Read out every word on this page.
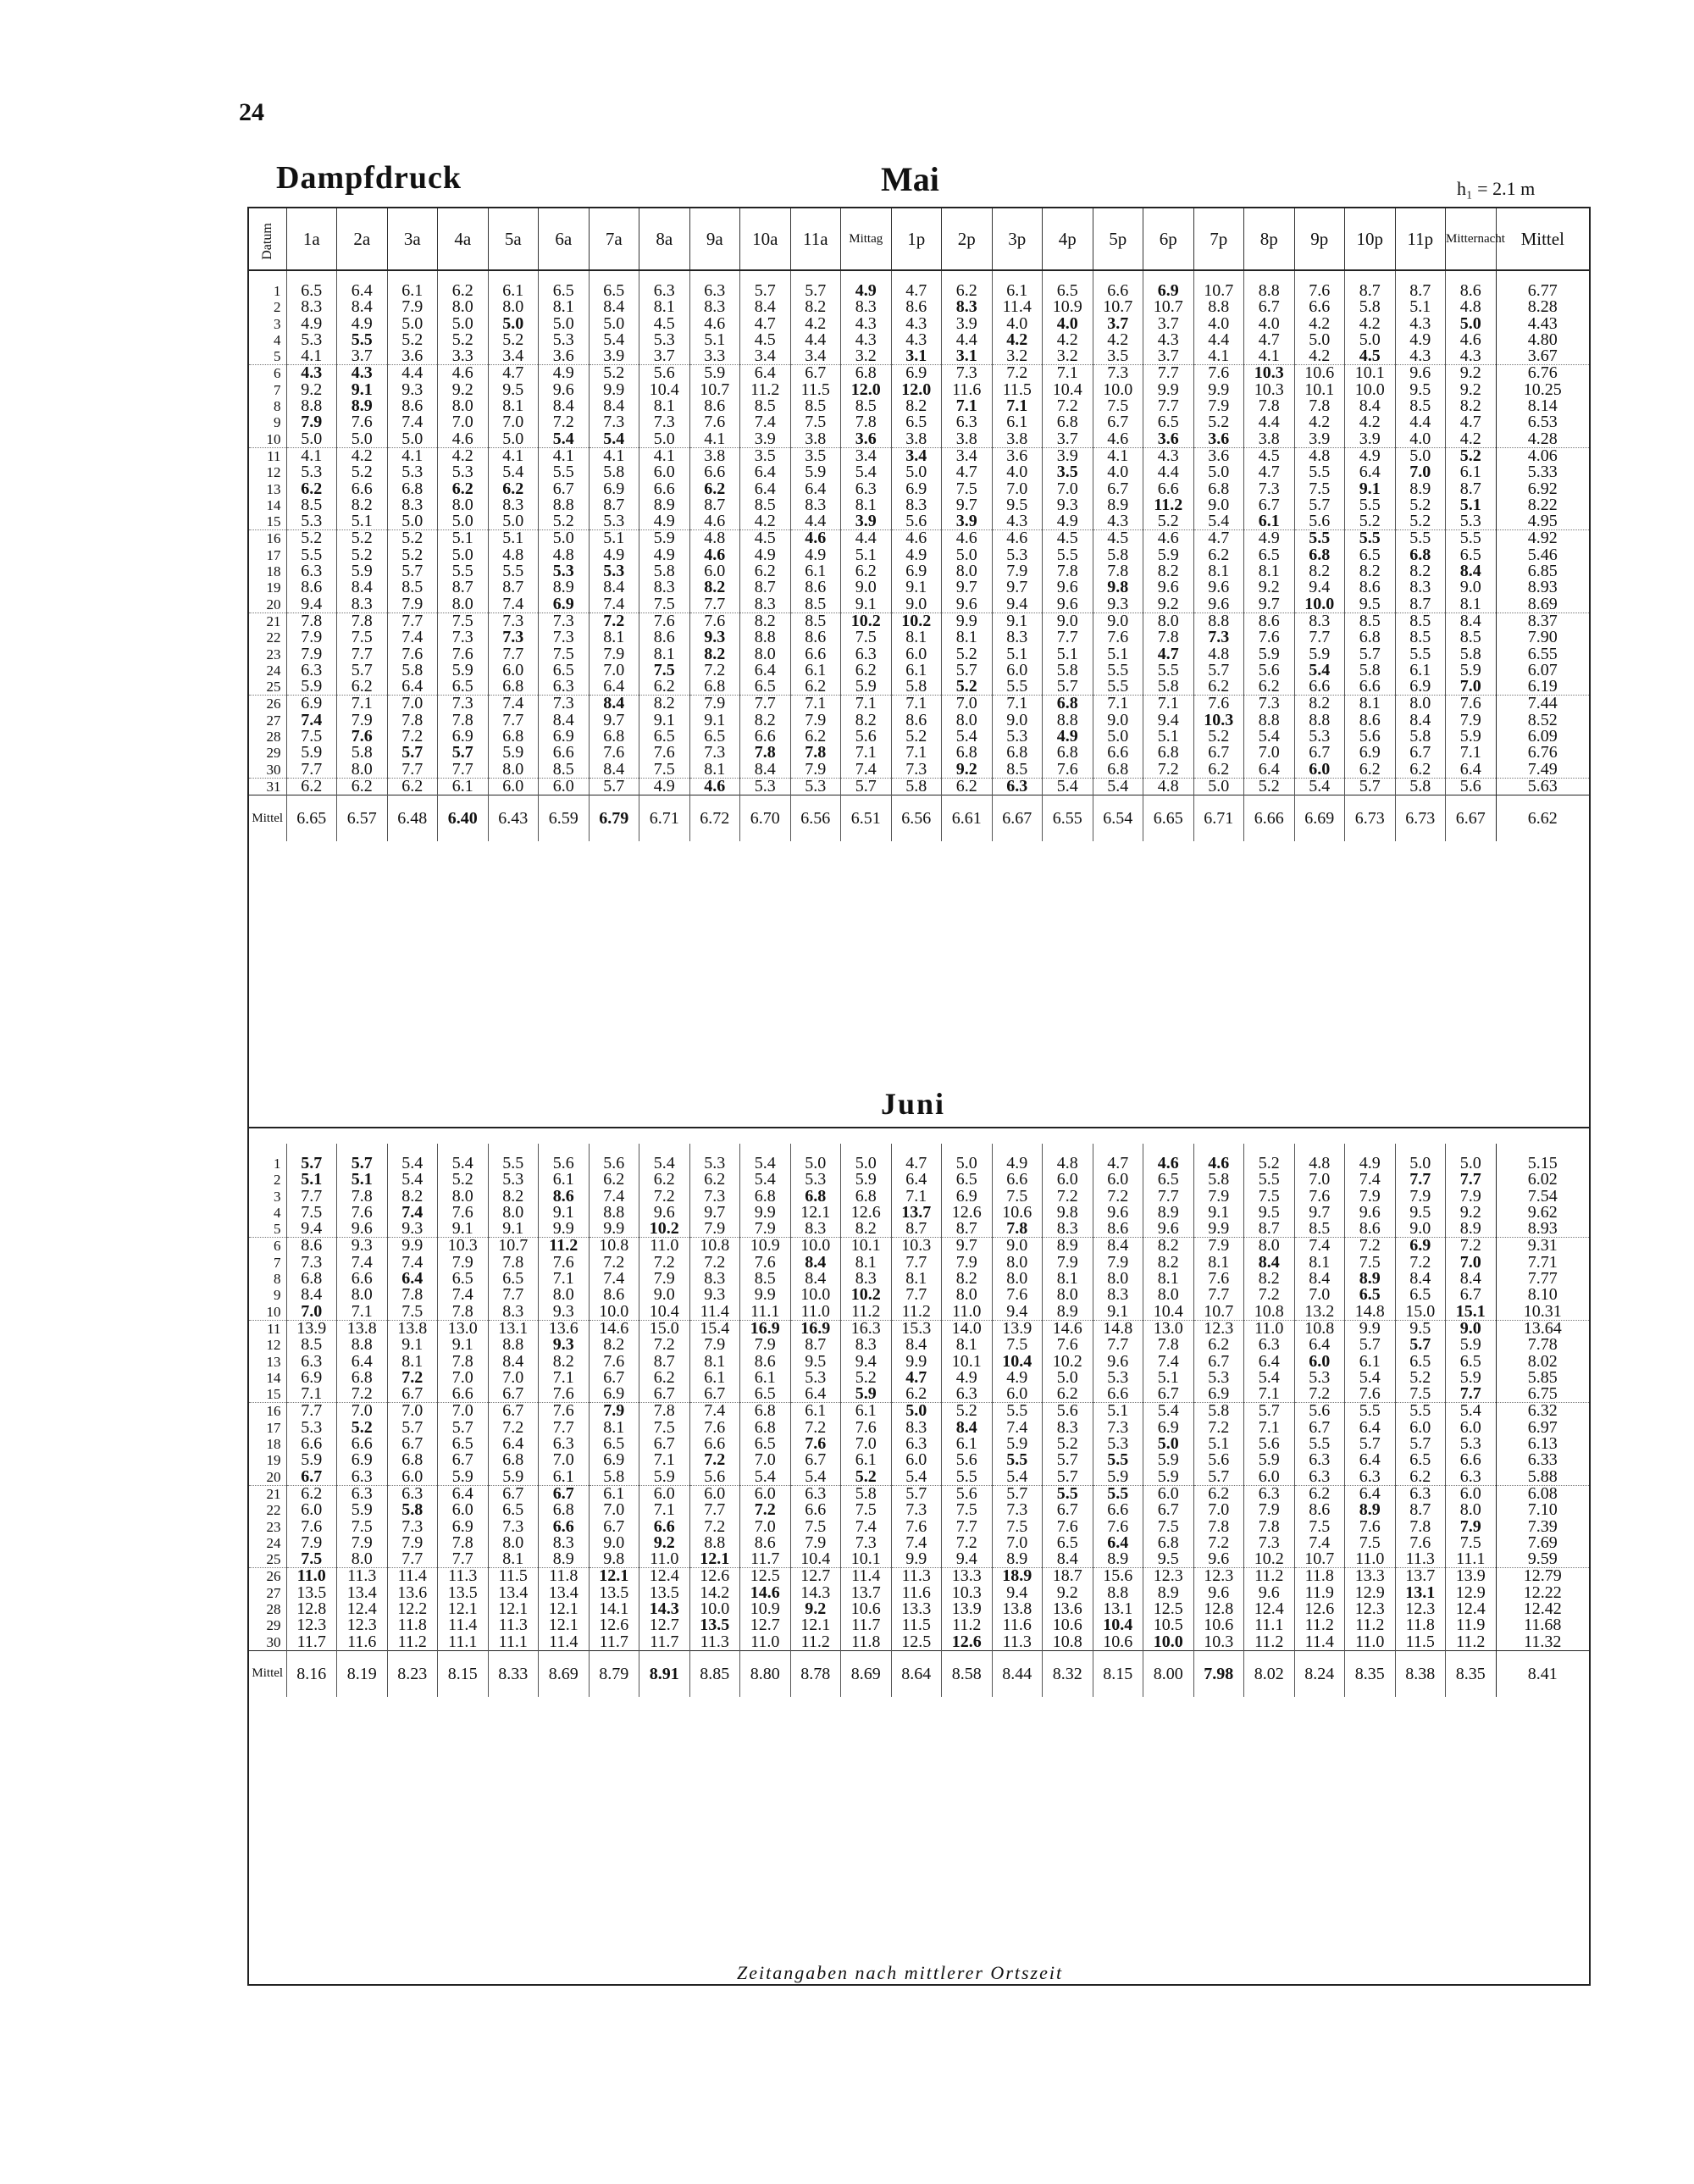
24
Dampfdruck	Mai	h₁ = 2.1 m
Datum	1a	2a	3a	4a	5a	6a	7a	8a	9a	10a	11a	Mittag	1p	2p	3p	4p	5p	6p	7p	8p	9p	10p	11p	Mitternacht	Mittel

1	6.5	6.4	6.1	6.2	6.1	6.5	6.5	6.3	6.3	5.7	5.7	4.9	4.7	6.2	6.1	6.5	6.6	6.9	10.7	8.8	7.6	8.7	8.7	8.6	6.77
2	8.3	8.4	7.9	8.0	8.0	8.1	8.4	8.1	8.3	8.4	8.2	8.3	8.6	8.3	11.4	10.9	10.7	10.7	8.8	6.7	6.6	5.8	5.1	4.8	8.28
3	4.9	4.9	5.0	5.0	5.0	5.0	5.0	4.5	4.6	4.7	4.2	4.3	4.3	3.9	4.0	4.0	3.7	3.7	4.0	4.0	4.2	4.2	4.3	5.0	4.43
4	5.3	5.5	5.2	5.2	5.2	5.3	5.4	5.3	5.1	4.5	4.4	4.3	4.3	4.4	4.2	4.2	4.2	4.3	4.4	4.7	5.0	5.0	4.9	4.6	4.80
5	4.1	3.7	3.6	3.3	3.4	3.6	3.9	3.7	3.3	3.4	3.4	3.2	3.1	3.1	3.2	3.2	3.5	3.7	4.1	4.1	4.2	4.5	4.3	4.3	3.67
6	4.3	4.3	4.4	4.6	4.7	4.9	5.2	5.6	5.9	6.4	6.7	6.8	6.9	7.3	7.2	7.1	7.3	7.7	7.6	10.3	10.6	10.1	9.6	9.2	6.76
7	9.2	9.1	9.3	9.2	9.5	9.6	9.9	10.4	10.7	11.2	11.5	12.0	12.0	11.6	11.5	10.4	10.0	9.9	9.9	10.3	10.1	10.0	9.5	9.2	10.25
8	8.8	8.9	8.6	8.0	8.1	8.4	8.4	8.1	8.6	8.5	8.5	8.5	8.2	7.1	7.1	7.2	7.5	7.7	7.9	7.8	7.8	8.4	8.5	8.2	8.14
9	7.9	7.6	7.4	7.0	7.0	7.2	7.3	7.3	7.6	7.4	7.5	7.8	6.5	6.3	6.1	6.8	6.7	6.5	5.2	4.4	4.2	4.2	4.4	4.7	6.53
10	5.0	5.0	5.0	4.6	5.0	5.4	5.4	5.0	4.1	3.9	3.8	3.6	3.8	3.8	3.8	3.7	4.6	3.6	3.6	3.8	3.9	3.9	4.0	4.2	4.28
11	4.1	4.2	4.1	4.2	4.1	4.1	4.1	4.1	3.8	3.5	3.5	3.4	3.4	3.4	3.6	3.9	4.1	4.3	3.6	4.5	4.8	4.9	5.0	5.2	4.06
12	5.3	5.2	5.3	5.3	5.4	5.5	5.8	6.0	6.6	6.4	5.9	5.4	5.0	4.7	4.0	3.5	4.0	4.4	5.0	4.7	5.5	6.4	7.0	6.1	5.33
13	6.2	6.6	6.8	6.2	6.2	6.7	6.9	6.6	6.2	6.4	6.4	6.3	6.9	7.5	7.0	7.0	6.7	6.6	6.8	7.3	7.5	9.1	8.9	8.7	6.92
14	8.5	8.2	8.3	8.0	8.3	8.8	8.7	8.9	8.7	8.5	8.3	8.1	8.3	9.7	9.5	9.3	8.9	11.2	9.0	6.7	5.7	5.5	5.2	5.1	8.22
15	5.3	5.1	5.0	5.0	5.0	5.2	5.3	4.9	4.6	4.2	4.4	3.9	5.6	3.9	4.3	4.9	4.3	5.2	5.4	6.1	5.6	5.2	5.2	5.3	4.95
16	5.2	5.2	5.2	5.1	5.1	5.0	5.1	5.9	4.8	4.5	4.6	4.4	4.6	4.6	4.6	4.5	4.5	4.6	4.7	4.9	5.5	5.5	5.5	5.5	4.92
17	5.5	5.2	5.2	5.0	4.8	4.8	4.9	4.9	4.6	4.9	4.9	5.1	4.9	5.0	5.3	5.5	5.8	5.9	6.2	6.5	6.8	6.5	6.8	6.5	5.46
18	6.3	5.9	5.7	5.5	5.5	5.3	5.3	5.8	6.0	6.2	6.1	6.2	6.9	8.0	7.9	7.8	7.8	8.2	8.1	8.1	8.2	8.2	8.2	8.4	6.85
19	8.6	8.4	8.5	8.7	8.7	8.9	8.4	8.3	8.2	8.7	8.6	9.0	9.1	9.7	9.7	9.6	9.8	9.6	9.6	9.2	9.4	8.6	8.3	9.0	8.93
20	9.4	8.3	7.9	8.0	7.4	6.9	7.4	7.5	7.7	8.3	8.5	9.1	9.0	9.6	9.4	9.6	9.3	9.2	9.6	9.7	10.0	9.5	8.7	8.1	8.69
21	7.8	7.8	7.7	7.5	7.3	7.3	7.2	7.6	7.6	8.2	8.5	10.2	10.2	9.9	9.1	9.0	9.0	8.0	8.8	8.6	8.3	8.5	8.5	8.4	8.37
22	7.9	7.5	7.4	7.3	7.3	7.3	8.1	8.6	9.3	8.8	8.6	7.5	8.1	8.1	8.3	7.7	7.6	7.8	7.3	7.6	7.7	6.8	8.5	8.5	7.90
23	7.9	7.7	7.6	7.6	7.7	7.5	7.9	8.1	8.2	8.0	6.6	6.3	6.0	5.2	5.1	5.1	5.1	4.7	4.8	5.9	5.9	5.7	5.5	5.8	6.55
24	6.3	5.7	5.8	5.9	6.0	6.5	7.0	7.5	7.2	6.4	6.1	6.2	6.1	5.7	6.0	5.8	5.5	5.5	5.7	5.6	5.4	5.8	6.1	5.9	6.07
25	5.9	6.2	6.4	6.5	6.8	6.3	6.4	6.2	6.8	6.5	6.2	5.9	5.8	5.2	5.5	5.7	5.5	5.8	6.2	6.2	6.6	6.6	6.9	7.0	6.19
26	6.9	7.1	7.0	7.3	7.4	7.3	8.4	8.2	7.9	7.7	7.1	7.1	7.1	7.0	7.1	6.8	7.1	7.1	7.6	7.3	8.2	8.1	8.0	7.6	7.44
27	7.4	7.9	7.8	7.8	7.7	8.4	9.7	9.1	9.1	8.2	7.9	8.2	8.6	8.0	9.0	8.8	9.0	9.4	10.3	8.8	8.8	8.6	8.4	7.9	8.52
28	7.5	7.6	7.2	6.9	6.8	6.9	6.8	6.5	6.5	6.6	6.2	5.6	5.2	5.4	5.3	4.9	5.0	5.1	5.2	5.4	5.3	5.6	5.8	5.9	6.09
29	5.9	5.8	5.7	5.7	5.9	6.6	7.6	7.6	7.3	7.8	7.8	7.1	7.1	6.8	6.8	6.8	6.6	6.8	6.7	7.0	6.7	6.9	6.7	7.1	6.76
30	7.7	8.0	7.7	7.7	8.0	8.5	8.4	7.5	8.1	8.4	7.9	7.4	7.3	9.2	8.5	7.6	6.8	7.2	6.2	6.4	6.0	6.2	6.2	6.4	7.49
31	6.2	6.2	6.2	6.1	6.0	6.0	5.7	4.9	4.6	5.3	5.3	5.7	5.8	6.2	6.3	5.4	5.4	4.8	5.0	5.2	5.4	5.7	5.8	5.6	5.63
Mittel	6.65	6.57	6.48	6.40	6.43	6.59	6.79	6.71	6.72	6.70	6.56	6.51	6.56	6.61	6.67	6.55	6.54	6.65	6.71	6.66	6.69	6.73	6.73	6.67	6.62
Juni

1	5.7	5.7	5.4	5.4	5.5	5.6	5.6	5.4	5.3	5.4	5.0	5.0	4.7	5.0	4.9	4.8	4.7	4.6	4.6	5.2	4.8	4.9	5.0	5.0	5.15
2	5.1	5.1	5.4	5.2	5.3	6.1	6.2	6.2	6.2	5.4	5.3	5.9	6.4	6.5	6.6	6.0	6.0	6.5	5.8	5.5	7.0	7.4	7.7	7.7	6.02
3	7.7	7.8	8.2	8.0	8.2	8.6	7.4	7.2	7.3	6.8	6.8	6.8	7.1	6.9	7.5	7.2	7.2	7.7	7.9	7.5	7.6	7.9	7.9	7.9	7.54
4	7.5	7.6	7.4	7.6	8.0	9.1	8.8	9.6	9.7	9.9	12.1	12.6	13.7	12.6	10.6	9.8	9.6	8.9	9.1	9.5	9.7	9.6	9.5	9.2	9.62
5	9.4	9.6	9.3	9.1	9.1	9.9	9.9	10.2	7.9	7.9	8.3	8.2	8.7	8.7	7.8	8.3	8.6	9.6	9.9	8.7	8.5	8.6	9.0	8.9	8.93
6	8.6	9.3	9.9	10.3	10.7	11.2	10.8	11.0	10.8	10.9	10.0	10.1	10.3	9.7	9.0	8.9	8.4	8.2	7.9	8.0	7.4	7.2	6.9	7.2	9.31
7	7.3	7.4	7.4	7.9	7.8	7.6	7.2	7.2	7.2	7.6	8.4	8.1	7.7	7.9	8.0	7.9	7.9	8.2	8.1	8.4	8.1	7.5	7.2	7.0	7.71
8	6.8	6.6	6.4	6.5	6.5	7.1	7.4	7.9	8.3	8.5	8.4	8.3	8.1	8.2	8.0	8.1	8.0	8.1	7.6	8.2	8.4	8.9	8.4	8.4	7.77
9	8.4	8.0	7.8	7.4	7.7	8.0	8.6	9.0	9.3	9.9	10.0	10.2	7.7	8.0	7.6	8.0	8.3	8.0	7.7	7.2	7.0	6.5	6.5	6.7	8.10
10	7.0	7.1	7.5	7.8	8.3	9.3	10.0	10.4	11.4	11.1	11.0	11.2	11.2	11.0	9.4	8.9	9.1	10.4	10.7	10.8	13.2	14.8	15.0	15.1	10.31
11	13.9	13.8	13.8	13.0	13.1	13.6	14.6	15.0	15.4	16.9	16.9	16.3	15.3	14.0	13.9	14.6	14.8	13.0	12.3	11.0	10.8	9.9	9.5	9.0	13.64
12	8.5	8.8	9.1	9.1	8.8	9.3	8.2	7.2	7.9	7.9	8.7	8.3	8.4	8.1	7.5	7.6	7.7	7.8	6.2	6.3	6.4	5.7	5.7	5.9	7.78
13	6.3	6.4	8.1	7.8	8.4	8.2	7.6	8.7	8.1	8.6	9.5	9.4	9.9	10.1	10.4	10.2	9.6	7.4	6.7	6.4	6.0	6.1	6.5	6.5	8.02
14	6.9	6.8	7.2	7.0	7.0	7.1	6.7	6.2	6.1	6.1	5.3	5.2	4.7	4.9	4.9	5.0	5.3	5.1	5.3	5.4	5.3	5.4	5.2	5.9	5.85
15	7.1	7.2	6.7	6.6	6.7	7.6	6.9	6.7	6.7	6.5	6.4	5.9	6.2	6.3	6.0	6.2	6.6	6.7	6.9	7.1	7.2	7.6	7.5	7.7	6.75
16	7.7	7.0	7.0	7.0	6.7	7.6	7.9	7.8	7.4	6.8	6.1	6.1	5.0	5.2	5.5	5.6	5.1	5.4	5.8	5.7	5.6	5.5	5.5	5.4	6.32
17	5.3	5.2	5.7	5.7	7.2	7.7	8.1	7.5	7.6	6.8	7.2	7.6	8.3	8.4	7.4	8.3	7.3	6.9	7.2	7.1	6.7	6.4	6.0	6.0	6.97
18	6.6	6.6	6.7	6.5	6.4	6.3	6.5	6.7	6.6	6.5	7.6	7.0	6.3	6.1	5.9	5.2	5.3	5.0	5.1	5.6	5.5	5.7	5.7	5.3	6.13
19	5.9	6.9	6.8	6.7	6.8	7.0	6.9	7.1	7.2	7.0	6.7	6.1	6.0	5.6	5.5	5.7	5.5	5.9	5.6	5.9	6.3	6.4	6.5	6.6	6.33
20	6.7	6.3	6.0	5.9	5.9	6.1	5.8	5.9	5.6	5.4	5.4	5.2	5.4	5.5	5.4	5.7	5.9	5.9	5.7	6.0	6.3	6.3	6.2	6.3	5.88
21	6.2	6.3	6.3	6.4	6.7	6.7	6.1	6.0	6.0	6.0	6.3	5.8	5.7	5.6	5.7	5.5	5.5	6.0	6.2	6.3	6.2	6.4	6.3	6.0	6.08
22	6.0	5.9	5.8	6.0	6.5	6.8	7.0	7.1	7.7	7.2	6.6	7.5	7.3	7.5	7.3	6.7	6.6	6.7	7.0	7.9	8.6	8.9	8.7	8.0	7.10
23	7.6	7.5	7.3	6.9	7.3	6.6	6.7	6.6	7.2	7.0	7.5	7.4	7.6	7.7	7.5	7.6	7.6	7.5	7.8	7.8	7.5	7.6	7.8	7.9	7.39
24	7.9	7.9	7.9	7.8	8.0	8.3	9.0	9.2	8.8	8.6	7.9	7.3	7.4	7.2	7.0	6.5	6.4	6.8	7.2	7.3	7.4	7.5	7.6	7.5	7.69
25	7.5	8.0	7.7	7.7	8.1	8.9	9.8	11.0	12.1	11.7	10.4	10.1	9.9	9.4	8.9	8.4	8.9	9.5	9.6	10.2	10.7	11.0	11.3	11.1	9.59
26	11.0	11.3	11.4	11.3	11.5	11.8	12.1	12.4	12.6	12.5	12.7	11.4	11.3	13.3	18.9	18.7	15.6	12.3	12.3	11.2	11.8	13.3	13.7	13.9	12.79
27	13.5	13.4	13.6	13.5	13.4	13.4	13.5	13.5	14.2	14.6	14.3	13.7	11.6	10.3	9.4	9.2	8.8	8.9	9.6	9.6	11.9	12.9	13.1	12.9	12.22
28	12.8	12.4	12.2	12.1	12.1	12.1	14.1	14.3	10.0	10.9	9.2	10.6	13.3	13.9	13.8	13.6	13.1	12.5	12.8	12.4	12.6	12.3	12.3	12.4	12.42
29	12.3	12.3	11.8	11.4	11.3	12.1	12.6	12.7	13.5	12.7	12.1	11.7	11.5	11.2	11.6	10.6	10.4	10.5	10.6	11.1	11.2	11.2	11.8	11.9	11.68
30	11.7	11.6	11.2	11.1	11.1	11.4	11.7	11.7	11.3	11.0	11.2	11.8	12.5	12.6	11.3	10.8	10.6	10.0	10.3	11.2	11.4	11.0	11.5	11.2	11.32
Mittel	8.16	8.19	8.23	8.15	8.33	8.69	8.79	8.91	8.85	8.80	8.78	8.69	8.64	8.58	8.44	8.32	8.15	8.00	7.98	8.02	8.24	8.35	8.38	8.35	8.41
Zeitangaben nach mittlerer Ortszeit
